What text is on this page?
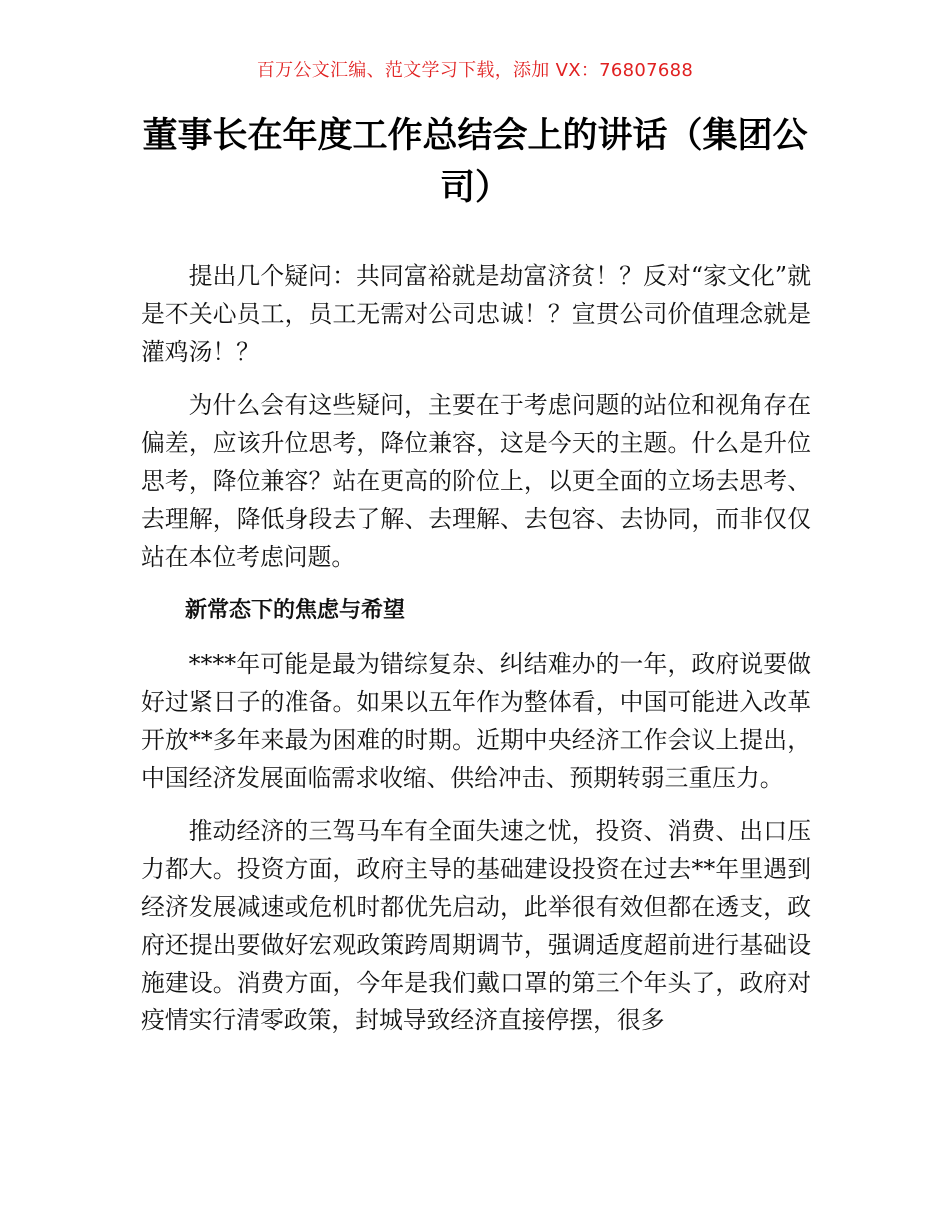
百万公文汇编、范文学习下载，添加 VX：76807688
董事长在年度工作总结会上的讲话（集团公司）

提出几个疑问：共同富裕就是劫富济贫！？反对“家文化”就是不关心员工，员工无需对公司忠诚！？宣贯公司价值理念就是灌鸡汤！？

为什么会有这些疑问，主要在于考虑问题的站位和视角存在偏差，应该升位思考，降位兼容，这是今天的主题。什么是升位思考，降位兼容？站在更高的阶位上，以更全面的立场去思考、去理解，降低身段去了解、去理解、去包容、去协同，而非仅仅站在本位考虑问题。

新常态下的焦虑与希望

****年可能是最为错综复杂、纠结难办的一年，政府说要做好过紧日子的准备。如果以五年作为整体看，中国可能进入改革开放**多年来最为困难的时期。近期中央经济工作会议上提出，中国经济发展面临需求收缩、供给冲击、预期转弱三重压力。

推动经济的三驾马车有全面失速之忧，投资、消费、出口压力都大。投资方面，政府主导的基础建设投资在过去**年里遇到经济发展减速或危机时都优先启动，此举很有效但都在透支，政府还提出要做好宏观政策跨周期调节，强调适度超前进行基础设施建设。消费方面，今年是我们戴口罩的第三个年头了，政府对疫情实行清零政策，封城导致经济直接停摆，很多
